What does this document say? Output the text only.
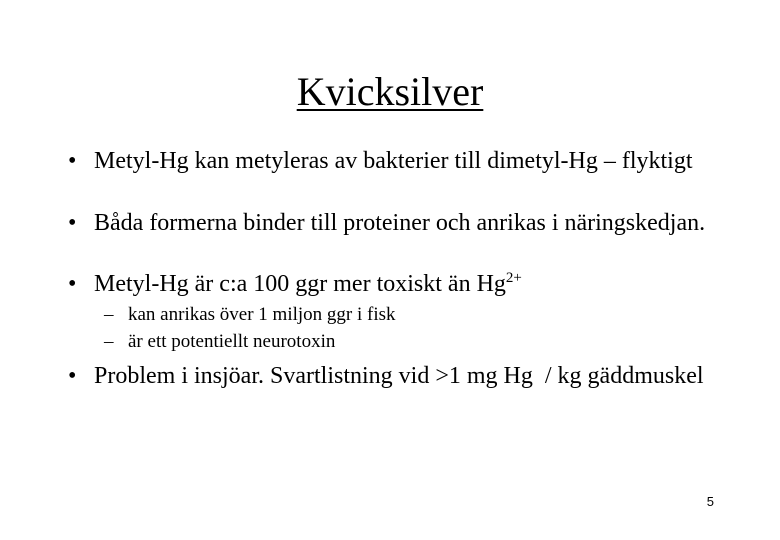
Kvicksilver
• Metyl-Hg kan metyleras av bakterier till dimetyl-Hg – flyktigt
• Båda formerna binder till proteiner och anrikas i näringskedjan.
• Metyl-Hg är c:a 100 ggr mer toxiskt än $Hg^{2+}$
– kan anrikas över 1 miljon ggr i fisk
– är ett potentiellt neurotoxin
• Problem i insjöar. Svartlistning vid >1 mg Hg  / kg gäddmuskel
5
